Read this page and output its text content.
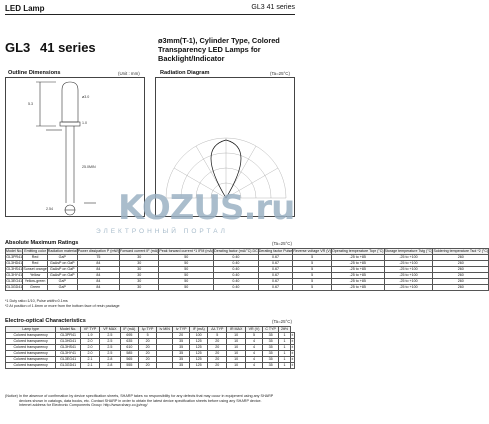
LED Lamp	GL3 41 series
GL3 41 series	ø3mm(T-1), Cylinder Type, Colored Transparency LED Lamps for Backlight/Indicator
Outline Dimensions	(Unit : mm)
5.3
ø3.0
1.0
25.0MIN
2.54
Radiation Diagram	(Ta=25°C)
KOZUS.ru
ЭЛЕКТРОННЫЙ ПОРТАЛ
Absolute Maximum Ratings	(Ta=25°C)
Model No.	Emitting color	Radiation material	Power dissipation P (mW)	Forward current IF (mA)	Peak forward current *1 IFM (mA)	Derating factor (mA/°C) DC	Derating factor Pulse	Reverse voltage VR (V)	Operating temperature Topr (°C)	Storage temperature Tstg (°C)	Soldering temperature Tsol *2 (°C)
GL3PR41	Red	GaP	75	30	50	0.40	0.67	5	-25 to +85	-25 to +100	260
GL3HD41	Red	GaAsP on GaP	84	30	50	0.40	0.67	5	-25 to +85	-25 to +100	260
GL3HS41	Sunset orange	GaAsP on GaP	84	30	50	0.40	0.67	5	-25 to +85	-25 to +100	260
GL3HY41	Yellow	GaAsP on GaP	84	30	50	0.40	0.67	5	-25 to +85	-25 to +100	260
GL3EG41	Yellow-green	GaP	84	30	50	0.40	0.67	5	-25 to +85	-25 to +100	260
GL3GD41	Green	GaP	84	30	50	0.40	0.67	5	-25 to +85	-25 to +100	260
*1 Duty ratio=1/10, Pulse width=0.1ms
*2 At position of 1.6mm or more from the bottom face of resin package
Electro-optical Characteristics	(Ta=25°C)
Lamp type	Model No.	VF TYP	VF MAX	IF (mA)	λp TYP	Iv MIN	Iv TYP	IF (mA)	Δλ TYP	IR MAX	VR (V)	C TYP	2θ½	
Colored transparency	GL3PR41	1.9	2.5	695	5		20	100	5	10	5	35	1	±
Colored transparency	GL3HD41	2.0	2.5	635	20		35	125	20	10	4	35	1	±
Colored transparency	GL3HS41	2.0	2.5	610	20		35	125	20	10	4	35	1	±
Colored transparency	GL3HY41	2.0	2.5	585	20		35	125	20	10	4	35	1	±
Colored transparency	GL3EG41	2.1	2.8	565	20		35	125	20	10	4	35	1	±
Colored transparency	GL3GD41	2.1	2.8	555	20		35	125	20	10	4	35	1	±
(Notice) In the absence of confirmation by device specification sheets, SHARP takes no responsibility for any defects that may occur in equipment using any SHARP
devices shown in catalogs, data books, etc. Contact SHARP in order to obtain the latest device specification sheets before using any SHARP device.
Internet address for Electronic Components Group: http://www.sharp.co.jp/ecg/
